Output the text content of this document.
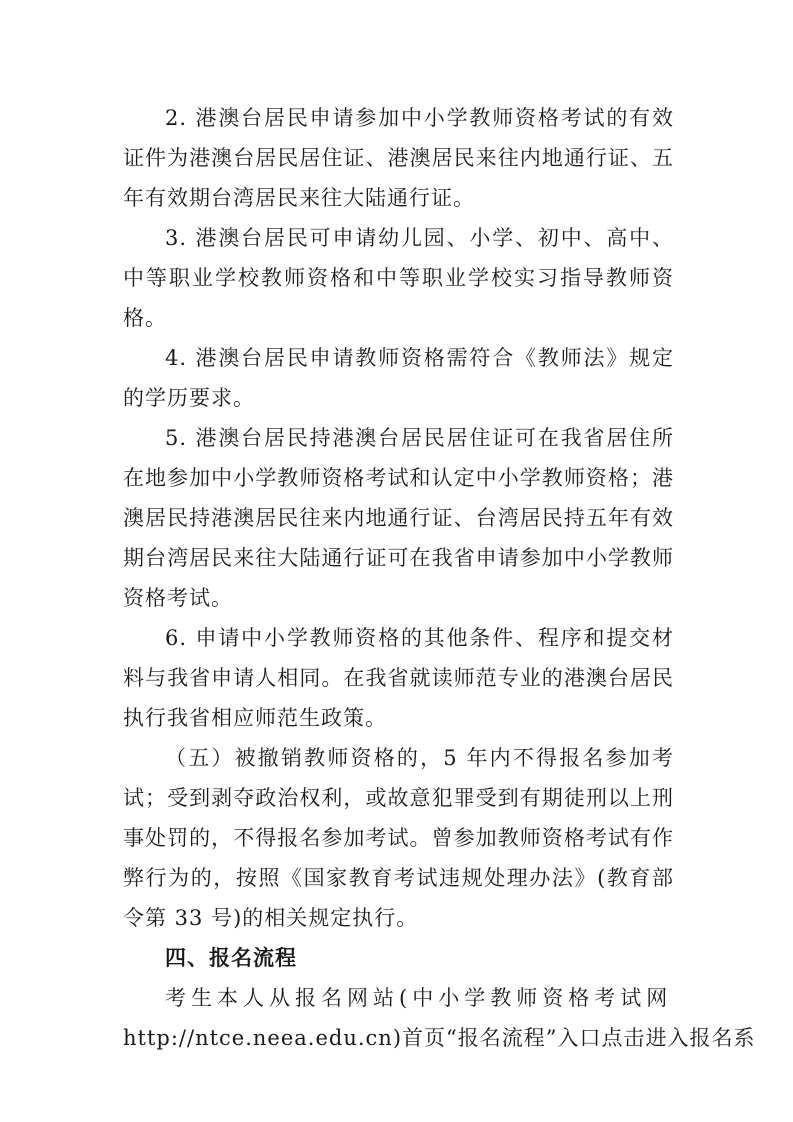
2. 港澳台居民申请参加中小学教师资格考试的有效证件为港澳台居民居住证、港澳居民来往内地通行证、五年有效期台湾居民来往大陆通行证。

3. 港澳台居民可申请幼儿园、小学、初中、高中、中等职业学校教师资格和中等职业学校实习指导教师资格。

4. 港澳台居民申请教师资格需符合《教师法》规定的学历要求。

5. 港澳台居民持港澳台居民居住证可在我省居住所在地参加中小学教师资格考试和认定中小学教师资格；港澳居民持港澳居民往来内地通行证、台湾居民持五年有效期台湾居民来往大陆通行证可在我省申请参加中小学教师资格考试。

6. 申请中小学教师资格的其他条件、程序和提交材料与我省申请人相同。在我省就读师范专业的港澳台居民执行我省相应师范生政策。

（五）被撤销教师资格的，5 年内不得报名参加考试；受到剥夺政治权利，或故意犯罪受到有期徒刑以上刑事处罚的，不得报名参加考试。曾参加教师资格考试有作弊行为的，按照《国家教育考试违规处理办法》(教育部令第 33 号)的相关规定执行。

四、报名流程

考生本人从报名网站(中小学教师资格考试网

http://ntce.neea.edu.cn)首页“报名流程”入口点击进入报名系
